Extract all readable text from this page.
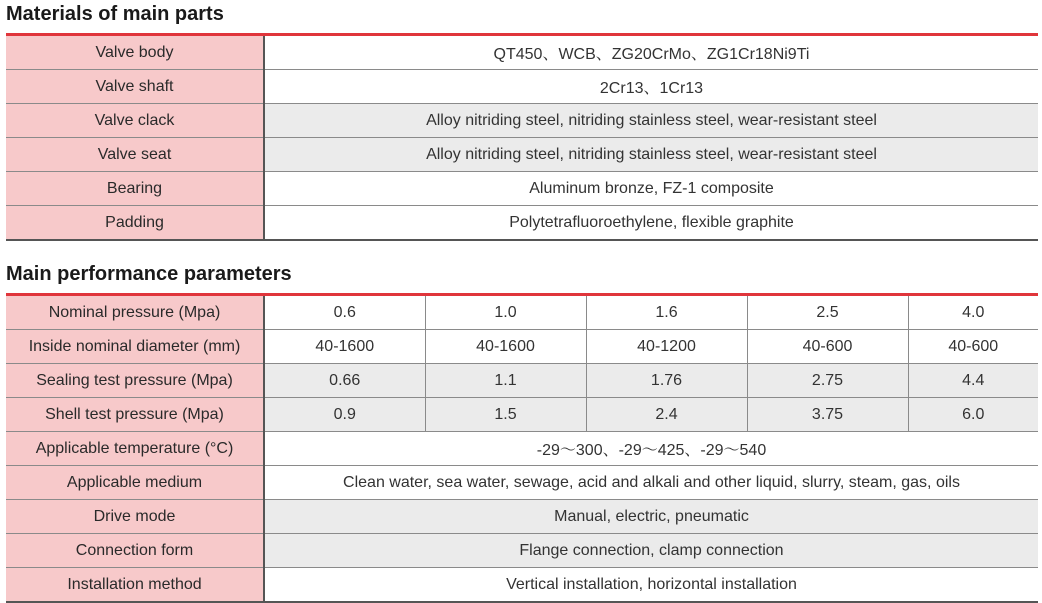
Materials of main parts
Valve body	QT450、WCB、ZG20CrMo、ZG1Cr18Ni9Ti
Valve shaft	2Cr13、1Cr13
Valve clack	Alloy nitriding steel, nitriding stainless steel, wear-resistant steel
Valve seat	Alloy nitriding steel, nitriding stainless steel, wear-resistant steel
Bearing	Aluminum bronze, FZ-1 composite
Padding	Polytetrafluoroethylene, flexible graphite
Main performance parameters
Nominal pressure (Mpa)	0.6	1.0	1.6	2.5	4.0
Inside nominal diameter (mm)	40-1600	40-1600	40-1200	40-600	40-600
Sealing test pressure (Mpa)	0.66	1.1	1.76	2.75	4.4
Shell test pressure (Mpa)	0.9	1.5	2.4	3.75	6.0
Applicable temperature (°C)	-29～300、-29～425、-29～540				
Applicable medium	Clean water, sea water, sewage, acid and alkali and other liquid, slurry, steam, gas, oils				
Drive mode	Manual, electric, pneumatic				
Connection form	Flange connection, clamp connection				
Installation method	Vertical installation, horizontal installation				
